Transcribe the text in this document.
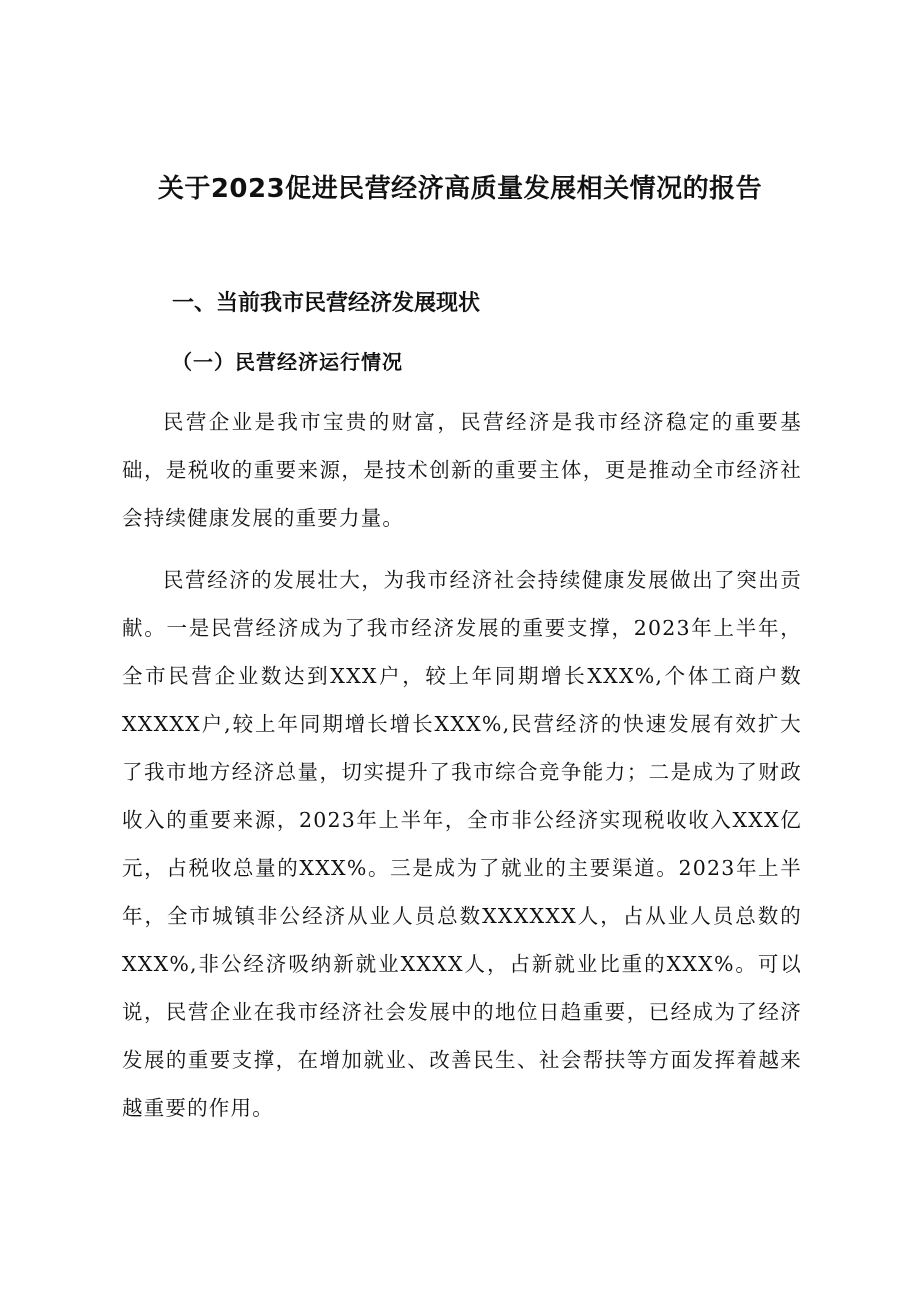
关于2023促进民营经济高质量发展相关情况的报告
一、当前我市民营经济发展现状
（一）民营经济运行情况

民营企业是我市宝贵的财富，民营经济是我市经济稳定的重要基础，是税收的重要来源，是技术创新的重要主体，更是推动全市经济社会持续健康发展的重要力量。

民营经济的发展壮大，为我市经济社会持续健康发展做出了突出贡献。一是民营经济成为了我市经济发展的重要支撑，2023年上半年，全市民营企业数达到XXX户，较上年同期增长XXX%,个体工商户数XXXXX户,较上年同期增长增长XXX%,民营经济的快速发展有效扩大了我市地方经济总量，切实提升了我市综合竞争能力；二是成为了财政收入的重要来源，2023年上半年，全市非公经济实现税收收入XXX亿元，占税收总量的XXX%。三是成为了就业的主要渠道。2023年上半年，全市城镇非公经济从业人员总数XXXXXX人，占从业人员总数的XXX%,非公经济吸纳新就业XXXX人，占新就业比重的XXX%。可以说，民营企业在我市经济社会发展中的地位日趋重要，已经成为了经济发展的重要支撑，在增加就业、改善民生、社会帮扶等方面发挥着越来越重要的作用。
